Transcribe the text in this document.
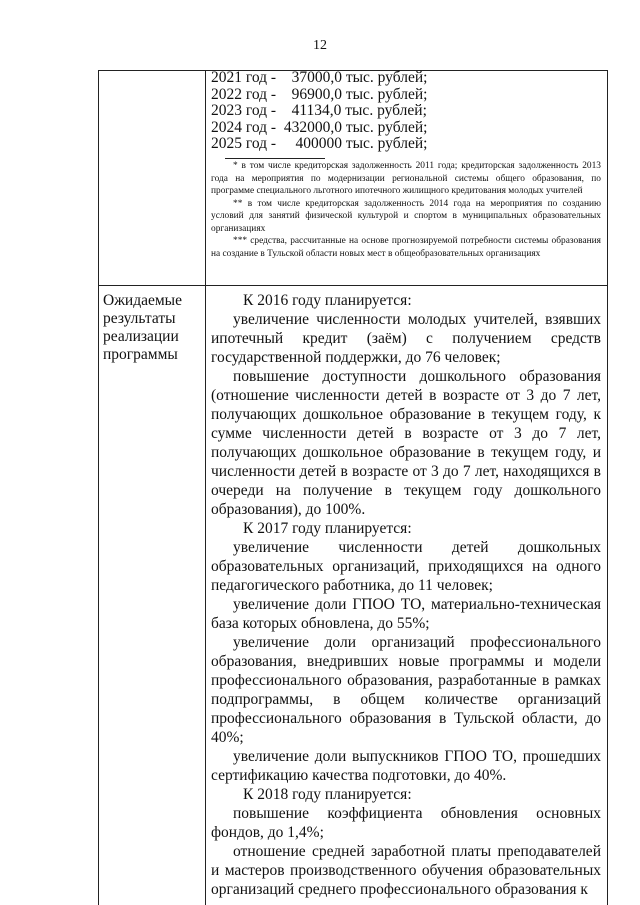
12
2021 год -    37000,0 тыс. рублей;
2022 год -    96900,0 тыс. рублей;
2023 год -    41134,0 тыс. рублей;
2024 год -  432000,0 тыс. рублей;
2025 год -     400000 тыс. рублей;

* в том числе кредиторская задолженность 2011 года; кредиторская задолженность 2013 года на мероприятия по модернизации региональной системы общего образования, по программе специального льготного ипотечного жилищного кредитования молодых учителей

** в том числе кредиторская задолженность 2014 года на мероприятия по созданию условий для занятий физической культурой и спортом в муниципальных образовательных организациях

*** средства, рассчитанные на основе прогнозируемой потребности системы образования на создание в Тульской области новых мест в общеобразовательных организациях

Ожидаемые результаты реализации программы

К 2016 году планируется:

увеличение численности молодых учителей, взявших ипотечный кредит (заём) с получением средств государственной поддержки, до 76 человек;

повышение доступности дошкольного образования (отношение численности детей в возрасте от 3 до 7 лет, получающих дошкольное образование в текущем году, к сумме численности детей в возрасте от 3 до 7 лет, получающих дошкольное образование в текущем году, и численности детей в возрасте от 3 до 7 лет, находящихся в очереди на получение в текущем году дошкольного образования), до 100%.

К 2017 году планируется:

увеличение численности детей дошкольных образовательных организаций, приходящихся на одного педагогического работника, до 11 человек;

увеличение доли ГПОО ТО, материально-техническая база которых обновлена, до 55%;

увеличение доли организаций профессионального образования, внедривших новые программы и модели профессионального образования, разработанные в рамках подпрограммы, в общем количестве организаций профессионального образования в Тульской области, до 40%;

увеличение доли выпускников ГПОО ТО, прошедших сертификацию качества подготовки, до 40%.

К 2018 году планируется:

повышение коэффициента обновления основных фондов, до 1,4%;

отношение средней заработной платы преподавателей и мастеров производственного обучения образовательных организаций среднего профессионального образования к
